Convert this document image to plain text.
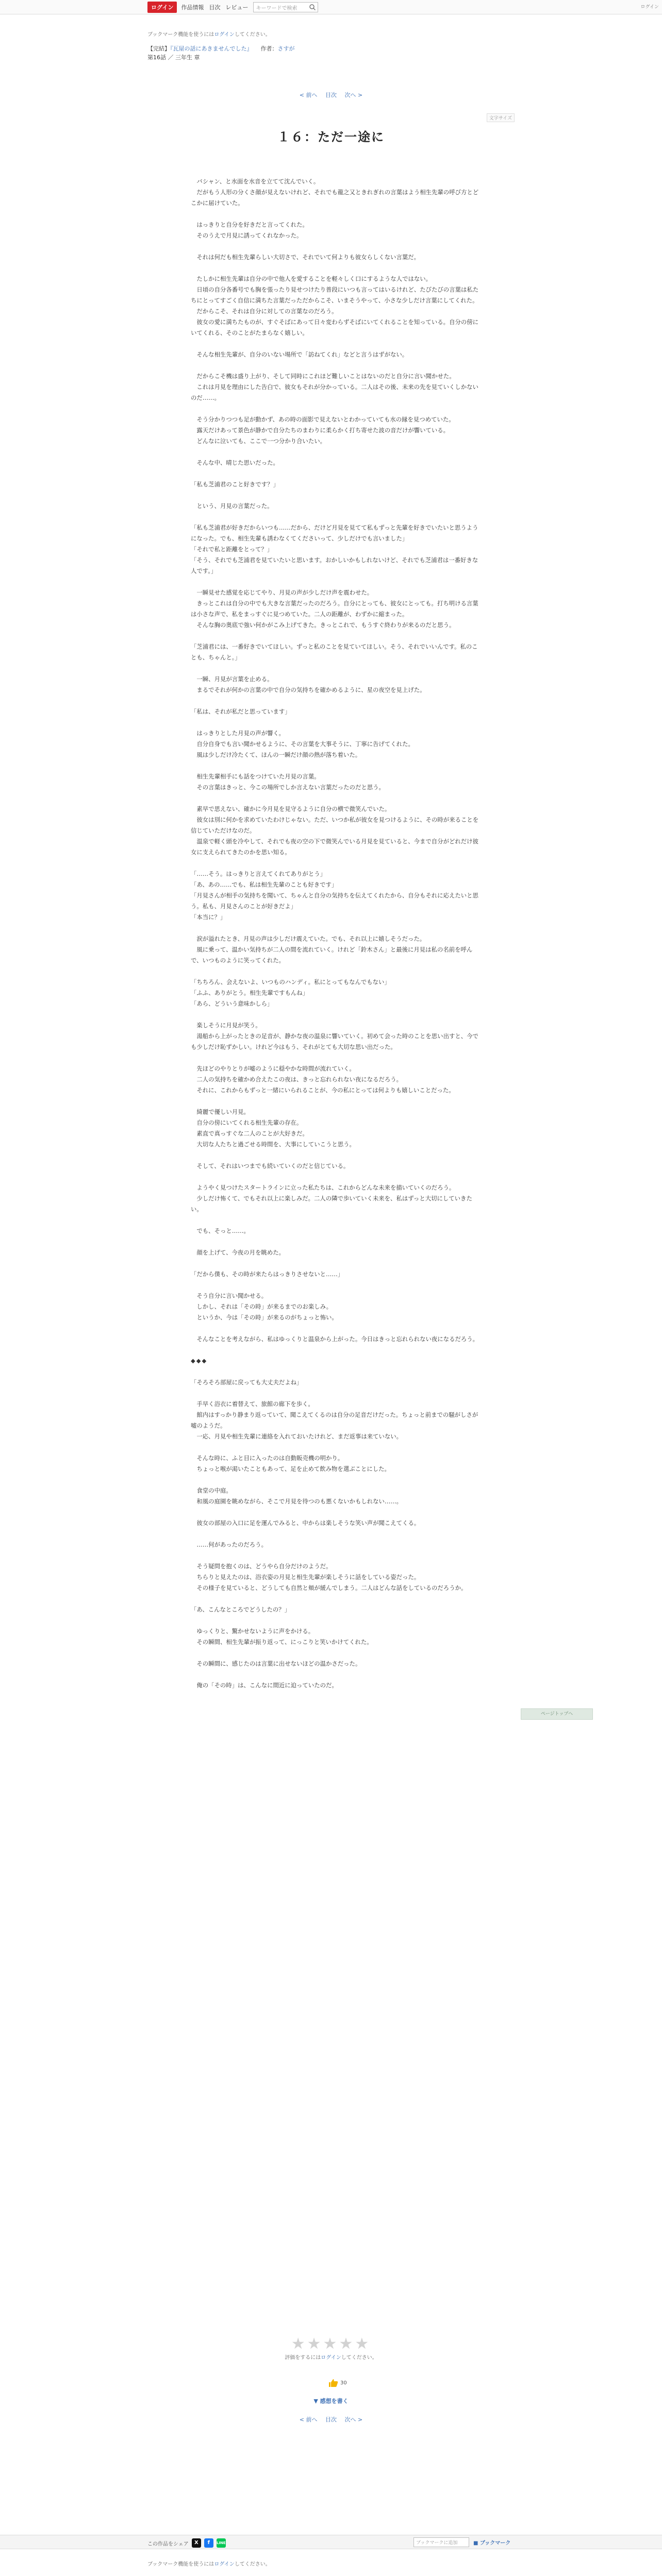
ログイン	作品情報 目次 レビュー	キーワードで検索	ログイン
ブックマーク機能を使うにはログインしてください。
【完結】『瓦屋の話にあきませんでした』 作者：さすが
第16話 ／ 三年生 章
< 前へ 目次 次へ >
文字サイズ
１６：ただ一途に

　バシャン、と水面を水音を立てて沈んでいく。
　だがもう人形の分くさ顔が見えないけれど、それでも龍之又ときれぎれの言葉はよう相生先輩の呼び方とどこかに届けていた。

　はっきりと自分を好きだと言ってくれた。
　そのうえで月見に誘ってくれなかった。

　それは何だも相生先輩らしい大切さで、それでいて何よりも彼女らしくない言葉だ。

　たしかに相生先輩は自分の中で他人を愛することを軽々しく口にするような人ではない。
　日頃の自分各番号でも胸を張ったり見せつけたり普段にいつも言ってはいるけれど、たびたびの言葉は私たちにとってすごく自信に満ちた言葉だっただからこそ、いまそうやって、小さな少しだけ言葉にしてくれた。
　だからこそ、それは自分に対しての言葉なのだろう。
　彼女の愛に満ちたものが、すぐそばにあって日々変わらずそばにいてくれることを知っている。自分の傍にいてくれる、そのことがたまらなく嬉しい。

　そんな相生先輩が、自分のいない場所で「訪ねてくれ」などと言うはずがない。

　だからこそ機は盛り上がり、そして同時にこれほど難しいことはないのだと自分に言い聞かせた。
　これは月見を理由にした告白で、彼女もそれが分かっている。二人はその後、未来の先を見ていくしかないのだ……。

　そう分かりつつも足が動かず、あの時の面影で見えないとわかっていても水の縁を見つめていた。
　露天だけあって景色が静かで自分たちのまわりに柔らかく打ち寄せた波の音だけが響いている。
　どんなに泣いても、ここで一つ分かり合いたい。

　そんな中、晴じた思いだった。

「私も芝浦君のこと好きです？」

　という、月見の言葉だった。

「私も芝浦君が好きだからいつも……だから、だけど月見を見てて私もずっと先輩を好きでいたいと思うようになった。でも、相生先輩も誘わなくてくださいって、少しだけでも言いました」
「それで私と距離をとって？」
「そう、それでも芝浦君を見ていたいと思います。おかしいかもしれないけど、それでも芝浦君は一番好きな人です。」

　一瞬見せた感覚を応じてやり、月見の声が少しだけ声を震わせた。
　きっとこれは自分の中でも大きな言葉だったのだろう。自分にとっても、彼女にとっても。打ち明ける言葉は小さな声で、私をまっすぐに見つめていた。二人の距離が、わずかに縮まった。
　そんな胸の奥底で強い何かがこみ上げてきた。きっとこれで、もうすぐ終わりが来るのだと思う。

「芝浦君には、一番好きでいてほしい。ずっと私のことを見ていてほしい。そう、それでいいんです。私のことも、ちゃんと。」

　一瞬、月見が言葉を止める。
　まるでそれが何かの言葉の中で自分の気持ちを確かめるように、星の夜空を見上げた。

「私は、それが私だと思っています」

　はっきりとした月見の声が響く。
　自分自身でも言い聞かせるように、その言葉を大事そうに、丁寧に告げてくれた。
　風は少しだけ冷たくて、ほんの一瞬だけ顔の熱が落ち着いた。

　相生先輩相手にも話をつけていた月見の言葉。
　その言葉はきっと、今この場所でしか言えない言葉だったのだと思う。

　素早で思えない、確かに今月見を見守るように自分の横で微笑んでいた。
　彼女は別に何かを求めていたわけじゃない。ただ、いつか私が彼女を見つけるように、その時が来ることを信じていただけなのだ。
　温泉で軽く頭を冷やして、それでも夜の空の下で微笑んでいる月見を見ていると、今まで自分がどれだけ彼女に支えられてきたのかを思い知る。

「……そう。はっきりと言えてくれてありがとう」
「あ、あの……でも、私は相生先輩のことも好きです」
「月見さんが相手の気持ちを聞いて、ちゃんと自分の気持ちを伝えてくれたから、自分もそれに応えたいと思う。私も、月見さんのことが好きだよ」
「本当に？」

　涙が溢れたとき、月見の声は少しだけ震えていた。でも、それ以上に嬉しそうだった。
　風に乗って、温かい気持ちが二人の間を流れていく。けれど「鈴木さん」と最後に月見は私の名前を呼んで、いつものように笑ってくれた。

「ちちろん、会えないよ、いつものハンディ。私にとってもなんでもない」
「ふふ、ありがとう。相生先輩ですもんね」
「あら、どういう意味かしら」

　楽しそうに月見が笑う。
　湯船から上がったときの足音が、静かな夜の温泉に響いていく。初めて会った時のことを思い出すと、今でも少しだけ恥ずかしい。けれど今はもう、それがとても大切な思い出だった。

　先ほどのやりとりが嘘のように穏やかな時間が流れていく。
　二人の気持ちを確かめ合えたこの夜は、きっと忘れられない夜になるだろう。
　それに、これからもずっと一緒にいられることが、今の私にとっては何よりも嬉しいことだった。

　綺麗で優しい月見。
　自分の傍にいてくれる相生先輩の存在。
　素直で真っすぐな二人のことが大好きだ。
　大切な人たちと過ごせる時間を、大事にしていこうと思う。

　そして、それはいつまでも続いていくのだと信じている。

　ようやく見つけたスタートラインに立った私たちは、これからどんな未来を描いていくのだろう。
　少しだけ怖くて、でもそれ以上に楽しみだ。二人の隣で歩いていく未来を、私はずっと大切にしていきたい。

　でも、そっと……。

　顔を上げて、今夜の月を眺めた。

「だから僕も、その時が来たらはっきりさせないと……」

　そう自分に言い聞かせる。
　しかし、それは「その時」が来るまでのお楽しみ。
　というか、今は「その時」が来るのがちょっと怖い。

　そんなことを考えながら、私はゆっくりと温泉から上がった。今日はきっと忘れられない夜になるだろう。

◆◆◆

「そろそろ部屋に戻っても大丈夫だよね」

　手早く浴衣に着替えて、旅館の廊下を歩く。
　館内はすっかり静まり返っていて、聞こえてくるのは自分の足音だけだった。ちょっと前までの騒がしさが嘘のようだ。
　一応、月見や相生先輩に連絡を入れておいたけれど、まだ返事は来ていない。

　そんな時に、ふと目に入ったのは自動販売機の明かり。
　ちょっと喉が渇いたこともあって、足を止めて飲み物を選ぶことにした。

　食堂の中庭。
　和風の庭園を眺めながら、そこで月見を待つのも悪くないかもしれない……。

　彼女の部屋の入口に足を運んでみると、中からは楽しそうな笑い声が聞こえてくる。

　……何があったのだろう。

　そう疑問を抱くのは、どうやら自分だけのようだ。
　ちらりと見えたのは、浴衣姿の月見と相生先輩が楽しそうに話をしている姿だった。
　その様子を見ていると、どうしても自然と頬が緩んでしまう。二人はどんな話をしているのだろうか。

「あ、こんなところでどうしたの？」

　ゆっくりと、驚かせないように声をかける。
　その瞬間、相生先輩が振り返って、にっこりと笑いかけてくれた。

　その瞬間に、感じたのは言葉に出せないほどの温かさだった。

　俺の「その時」は、こんなに間近に迫っていたのだ。

★★★★★
評価をするにはログインしてください。
30
▼ 感想を書く
< 前へ 目次 次へ >
ページトップへ
この作品をシェア	X	f	LINE	ブックマークに追加	■ ブックマーク
ブックマーク機能を使うにはログインしてください。
